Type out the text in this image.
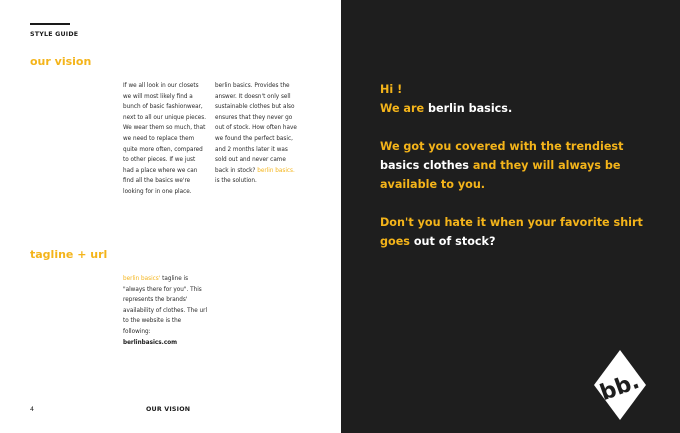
STYLE GUIDE
our vision
If we all look in our closets we will most likely find a bunch of basic fashionwear, next to all our unique pieces. We wear them so much, that we need to replace them quite more often, compared to other pieces. If we just had a place where we can find all the basics we're looking for in one place.
berlin basics. Provides the answer. It doesn't only sell sustainable clothes but also ensures that they never go out of stock. How often have we found the perfect basic, and 2 months later it was sold out and never came back in stock? berlin basics. is the solution.
tagline + url
berlin basics' tagline is "always there for you". This represents the brands' availability of clothes. The url to the website is the following:
berlinbasics.com
4	OUR VISION
Hi !

We are berlin basics.

We got you covered with the trendiest basics clothes and they will always be available to you.

Don't you hate it when your favorite shirt goes out of stock?

bb.
